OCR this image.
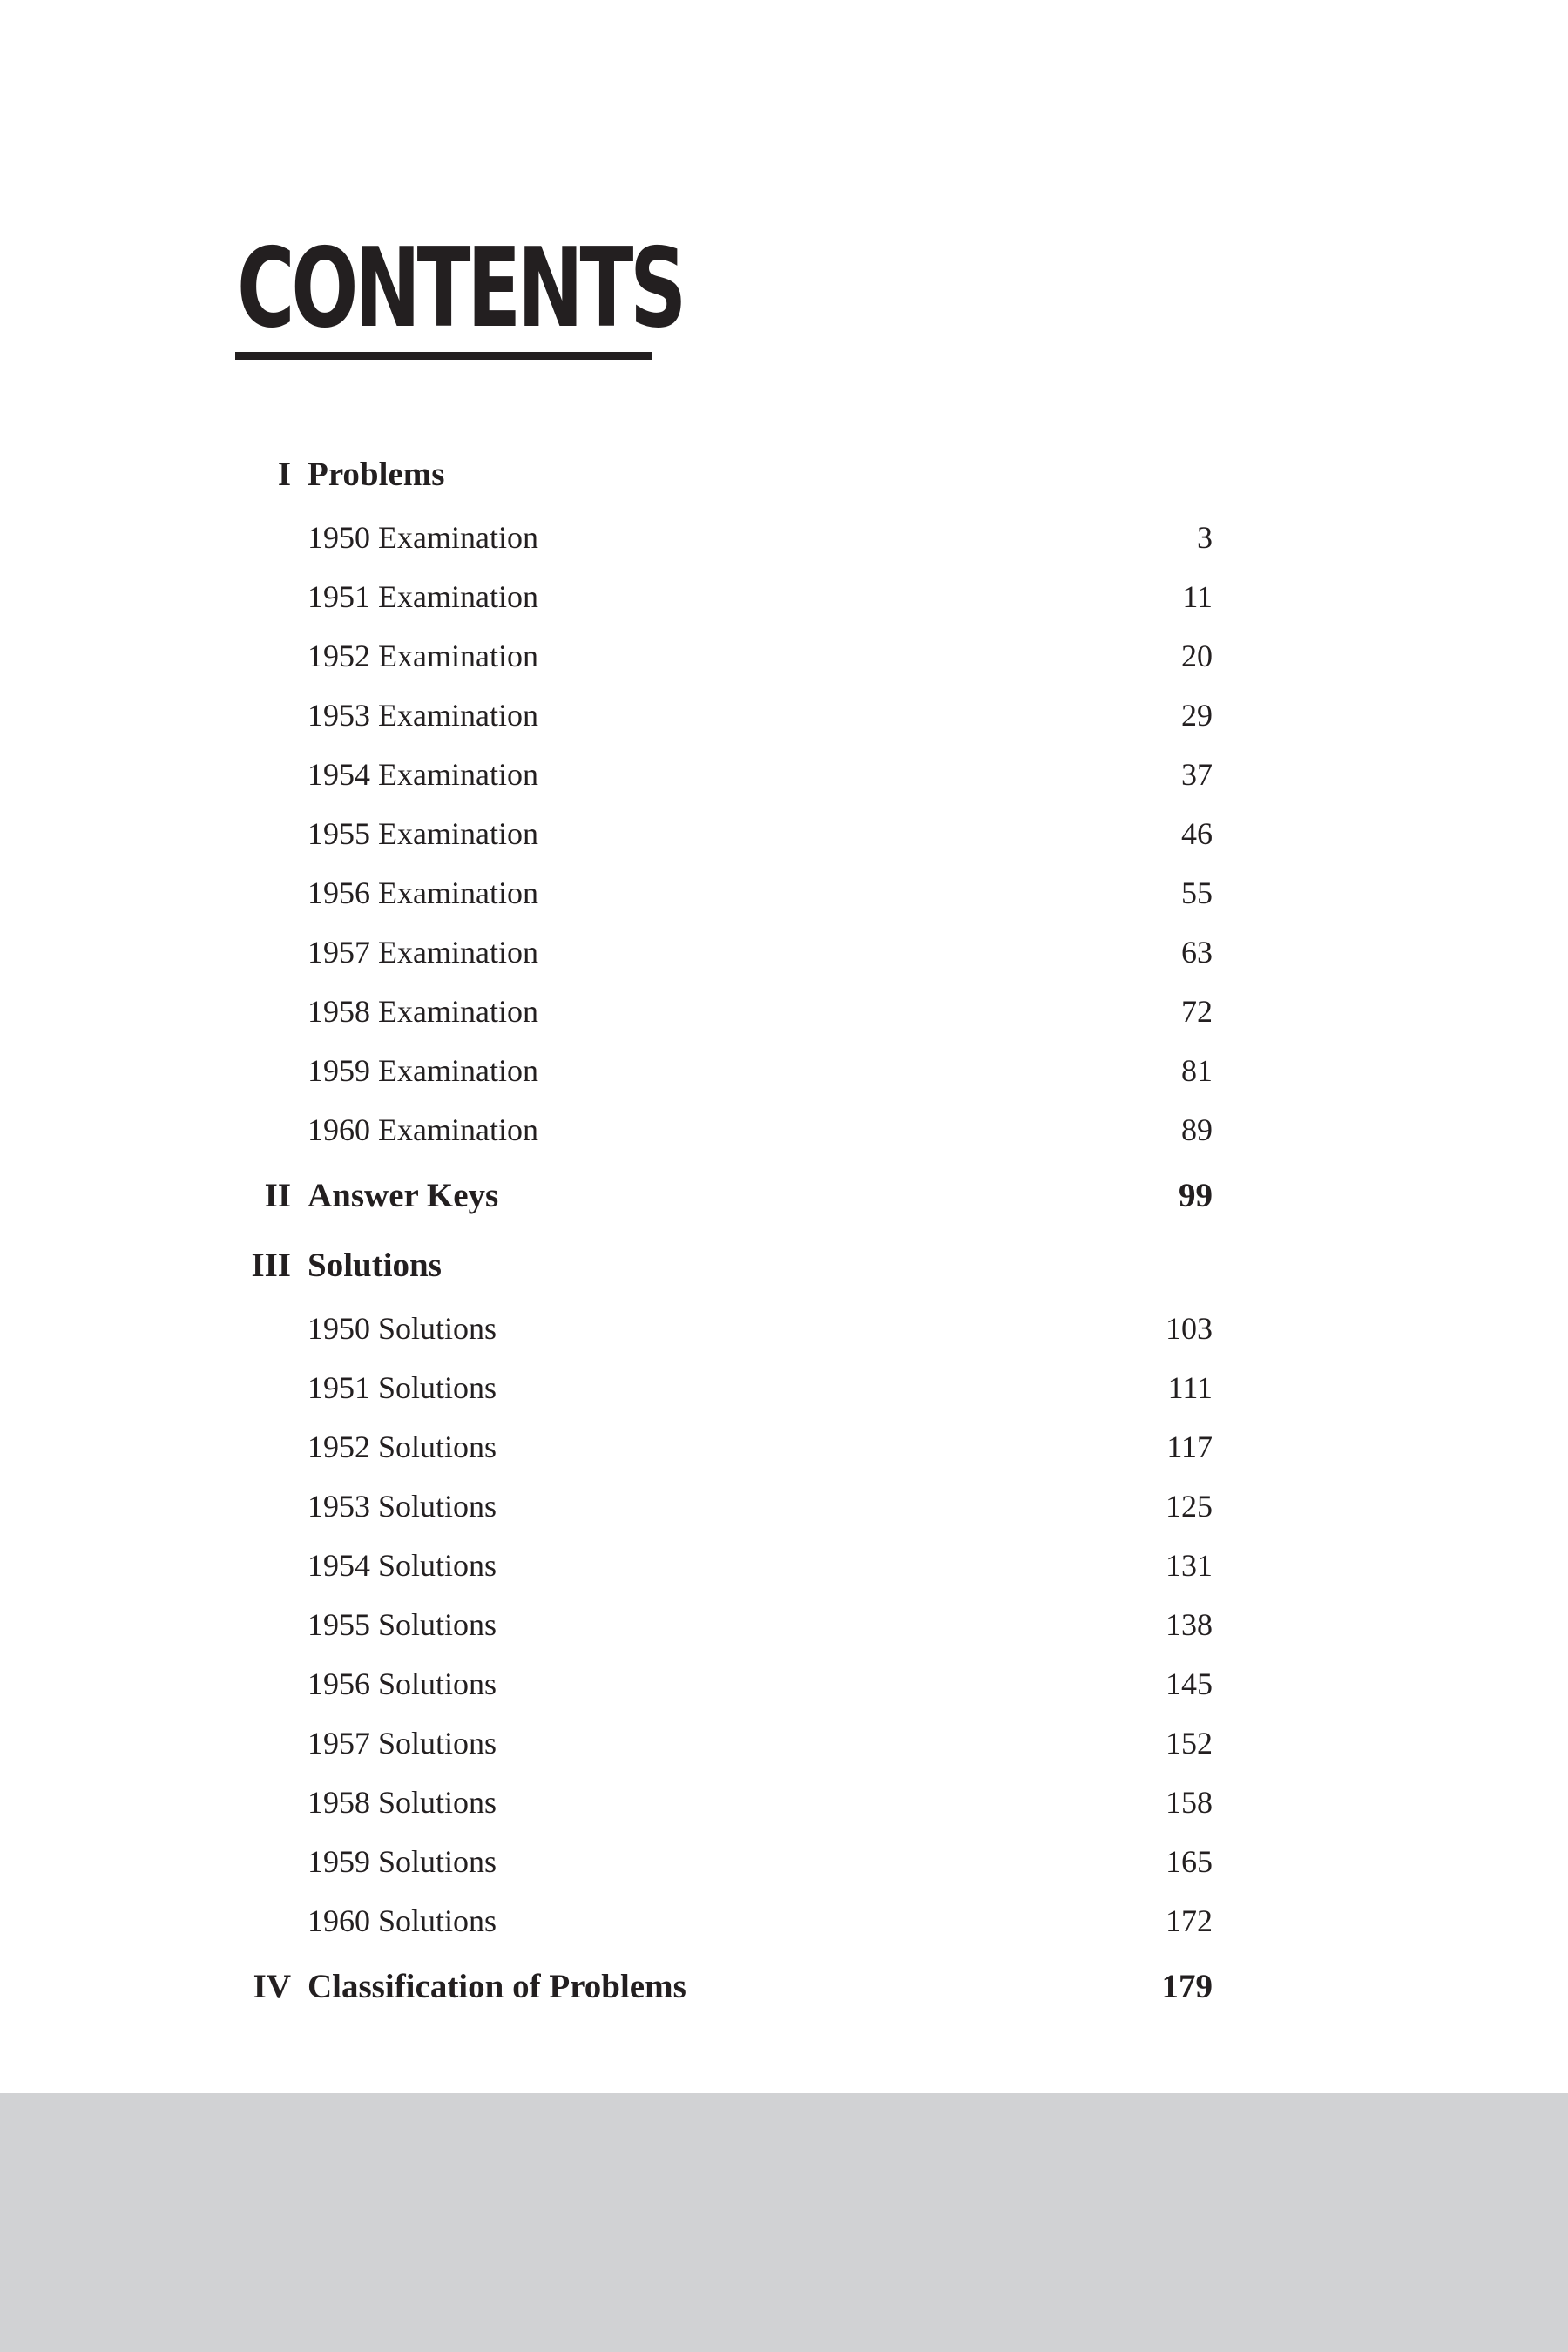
CONTENTS
I Problems
1950 Examination	3
1951 Examination	11
1952 Examination	20
1953 Examination	29
1954 Examination	37
1955 Examination	46
1956 Examination	55
1957 Examination	63
1958 Examination	72
1959 Examination	81
1960 Examination	89
II Answer Keys	99
III Solutions
1950 Solutions	103
1951 Solutions	111
1952 Solutions	117
1953 Solutions	125
1954 Solutions	131
1955 Solutions	138
1956 Solutions	145
1957 Solutions	152
1958 Solutions	158
1959 Solutions	165
1960 Solutions	172
IV Classification of Problems	179
